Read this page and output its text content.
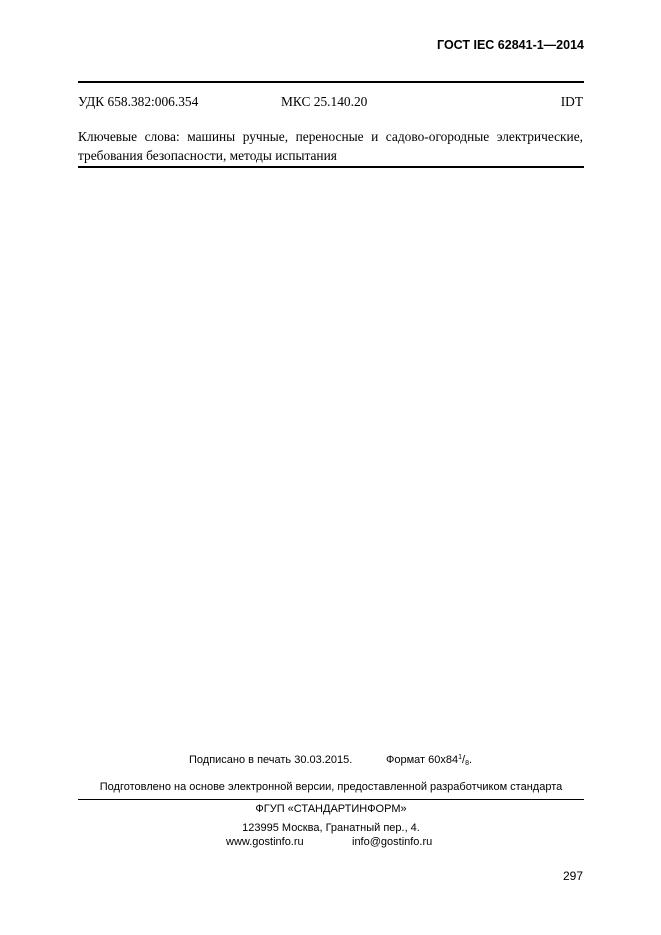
ГОСТ IEC 62841-1—2014
УДК 658.382:006.354	МКС 25.140.20	IDT
Ключевые слова: машины ручные, переносные и садово-огородные электрические,
требования безопасности, методы испытания
Подписано в печать 30.03.2015.	Формат $60x84^1/_8$.
Подготовлено на основе электронной версии, предоставленной разработчиком стандарта
ФГУП «СТАНДАРТИНФОРМ»
123995 Москва, Гранатный пер., 4.
www.gostinfo.ru	info@gostinfo.ru
297
